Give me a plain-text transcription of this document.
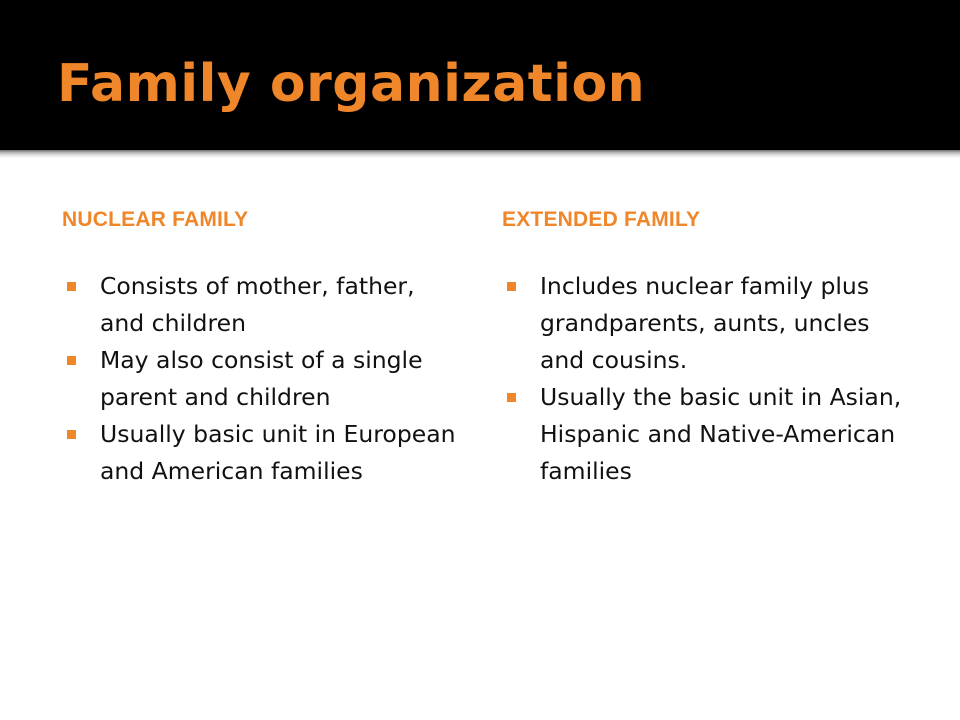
Family organization
NUCLEAR FAMILY
Consists of mother, father, and children
May also consist of a single parent and children
Usually basic unit in European and American families
EXTENDED FAMILY
Includes nuclear family plus grandparents, aunts, uncles and cousins.
Usually the basic unit in Asian, Hispanic and Native-American families
